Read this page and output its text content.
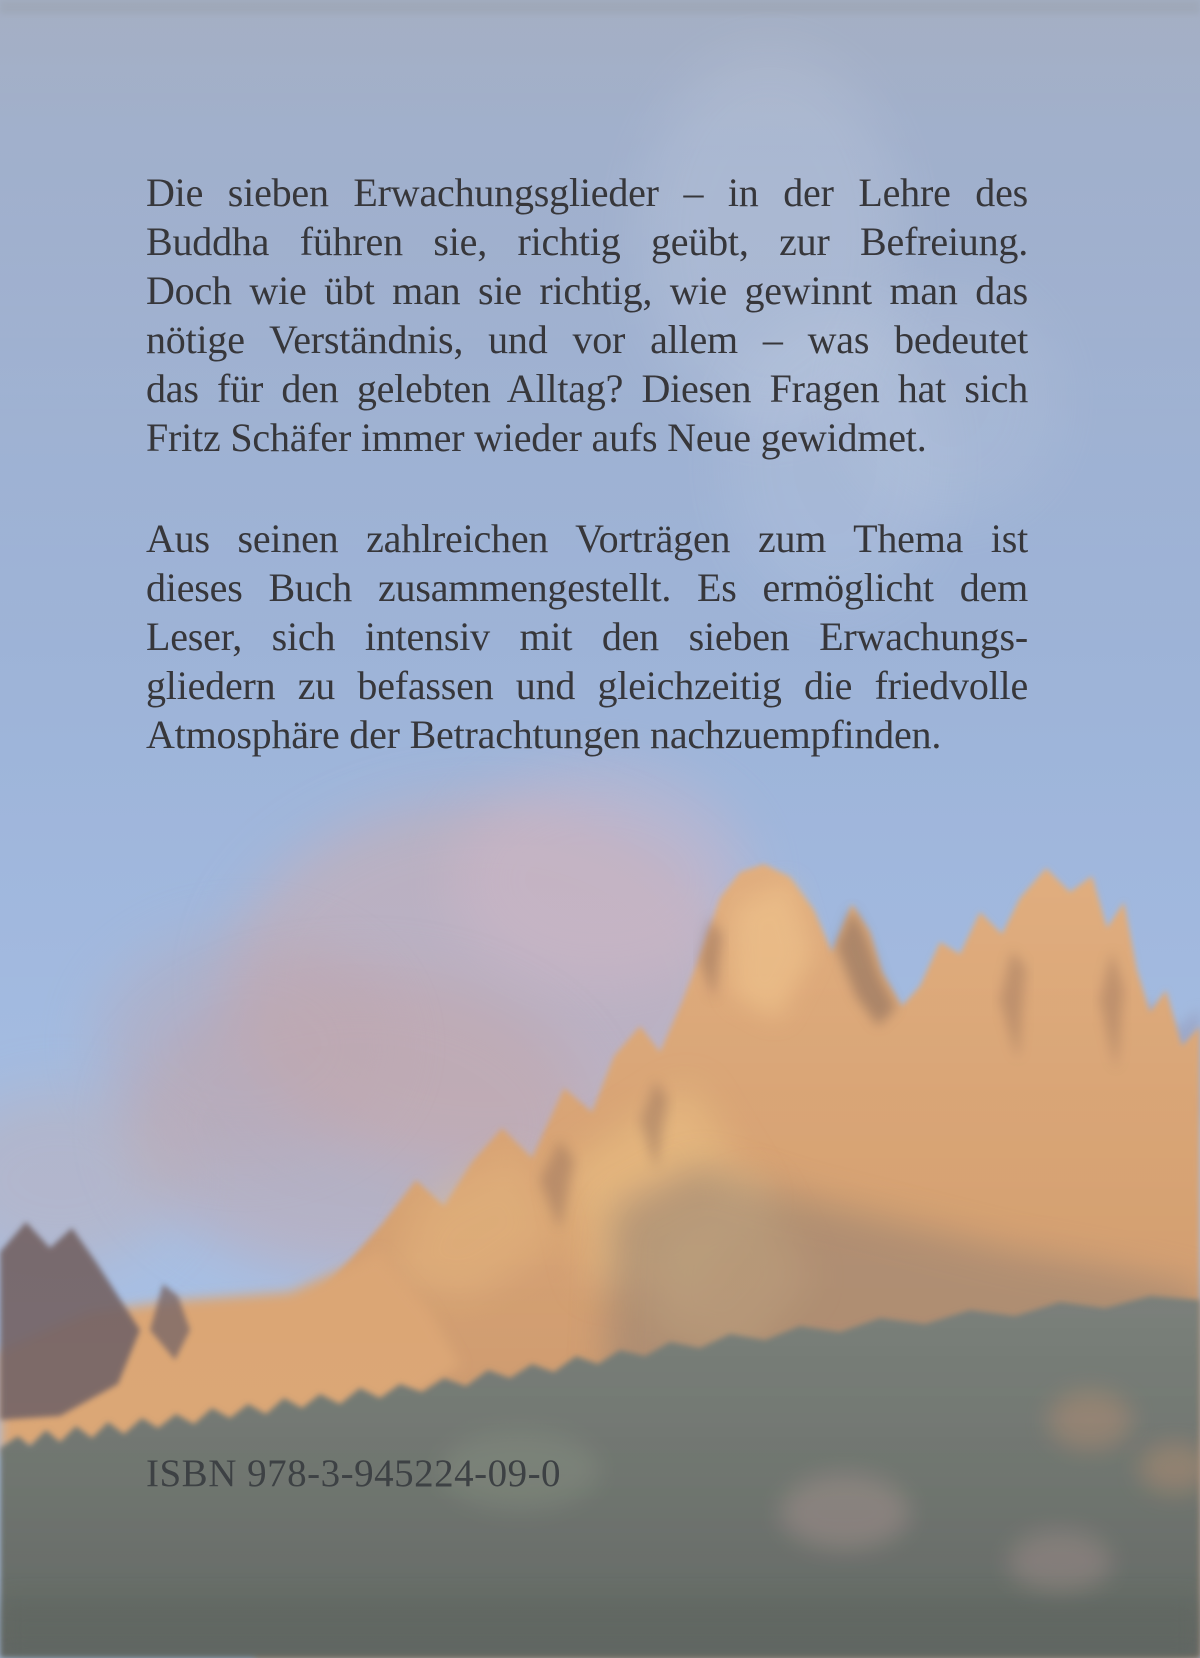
Die sieben Erwachungsglieder – in der Lehre des
Buddha führen sie, richtig geübt, zur Befreiung.
Doch wie übt man sie richtig, wie gewinnt man das
nötige Verständnis, und vor allem – was bedeutet
das für den gelebten Alltag? Diesen Fragen hat sich
Fritz Schäfer immer wieder aufs Neue gewidmet.

Aus seinen zahlreichen Vorträgen zum Thema ist
dieses Buch zusammengestellt. Es ermöglicht dem
Leser, sich intensiv mit den sieben Erwachungs-
gliedern zu befassen und gleichzeitig die friedvolle
Atmosphäre der Betrachtungen nachzuempfinden.

ISBN 978-3-945224-09-0
